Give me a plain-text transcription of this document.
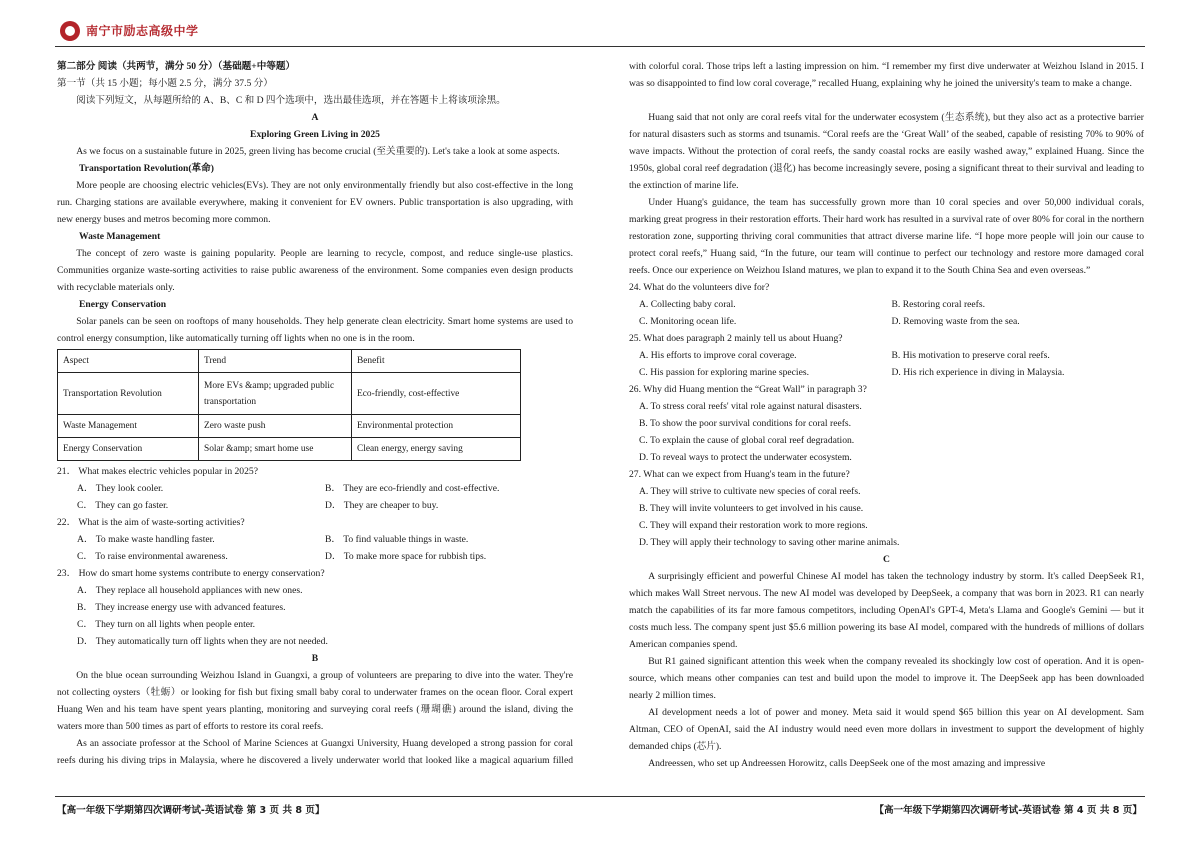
南宁市励志高级中学

第二部分 阅读（共两节，满分 50 分）（基础题+中等题）

第一节（共 15 小题；每小题 2.5 分，满分 37.5 分）

阅读下列短文，从每题所给的 A、B、C 和 D 四个选项中，选出最佳选项，并在答题卡上将该项涂黑。

A

Exploring Green Living in 2025

As we focus on a sustainable future in 2025, green living has become crucial (至关重要的). Let's take a look at some aspects.

Transportation Revolution(革命)

More people are choosing electric vehicles(EVs). They are not only environmentally friendly but also cost-effective in the long run. Charging stations are available everywhere, making it convenient for EV owners. Public transportation is also upgrading, with new energy buses and metros becoming more common.

Waste Management

The concept of zero waste is gaining popularity. People are learning to recycle, compost, and reduce single-use plastics. Communities organize waste-sorting activities to raise public awareness of the environment. Some companies even design products with recyclable materials only.

Energy Conservation

Solar panels can be seen on rooftops of many households. They help generate clean electricity. Smart home systems are used to control energy consumption, like automatically turning off lights when no one is in the room.

Aspect	Trend	Benefit
Transportation Revolution	More EVs &amp; upgraded public transportation	Eco-friendly, cost-effective
Waste Management	Zero waste push	Environmental protection
Energy Conservation	Solar &amp; smart home use	Clean energy, energy saving

21． What makes electric vehicles popular in 2025?

A． They look cooler.	B． They are eco-friendly and cost-effective.
C． They can go faster.	D． They are cheaper to buy.

22． What is the aim of waste-sorting activities?

A． To make waste handling faster.	B． To find valuable things in waste.
C． To raise environmental awareness.	D． To make more space for rubbish tips.

23． How do smart home systems contribute to energy conservation?

A． They replace all household appliances with new ones.
B． They increase energy use with advanced features.
C． They turn on all lights when people enter.
D． They automatically turn off lights when they are not needed.

B

On the blue ocean surrounding Weizhou Island in Guangxi, a group of volunteers are preparing to dive into the water. They're not collecting oysters（牡蛎）or looking for fish but fixing small baby coral to underwater frames on the ocean floor. Coral expert Huang Wen and his team have spent years planting, monitoring and surveying coral reefs (珊瑚礁) around the island, diving the waters more than 500 times as part of efforts to restore its coral reefs.

As an associate professor at the School of Marine Sciences at Guangxi University, Huang developed a strong passion for coral reefs during his diving trips in Malaysia, where he discovered a lively underwater world that looked like a magical aquarium filled

with colorful coral. Those trips left a lasting impression on him. “I remember my first dive underwater at Weizhou Island in 2015. I was so disappointed to find low coral coverage,” recalled Huang, explaining why he joined the university's team to make a change.

Huang said that not only are coral reefs vital for the underwater ecosystem (生态系统), but they also act as a protective barrier for natural disasters such as storms and tsunamis. “Coral reefs are the ‘Great Wall’ of the seabed, capable of resisting 70% to 90% of wave impacts. Without the protection of coral reefs, the sandy coastal rocks are easily washed away,” explained Huang. Since the 1950s, global coral reef degradation (退化) has become increasingly severe, posing a significant threat to their survival and leading to the extinction of marine life.

Under Huang's guidance, the team has successfully grown more than 10 coral species and over 50,000 individual corals, marking great progress in their restoration efforts. Their hard work has resulted in a survival rate of over 80% for coral in the northern restoration zone, supporting thriving coral communities that attract diverse marine life. “I hope more people will join our cause to protect coral reefs,” Huang said, “In the future, our team will continue to perfect our technology and restore more damaged coral reefs. Once our experience on Weizhou Island matures, we plan to expand it to the South China Sea and even overseas.”

24. What do the volunteers dive for?

A. Collecting baby coral.	B. Restoring coral reefs.
C. Monitoring ocean life.	D. Removing waste from the sea.

25. What does paragraph 2 mainly tell us about Huang?

A. His efforts to improve coral coverage.	B. His motivation to preserve coral reefs.
C. His passion for exploring marine species.	D. His rich experience in diving in Malaysia.

26. Why did Huang mention the “Great Wall” in paragraph 3?

A. To stress coral reefs' vital role against natural disasters.
B. To show the poor survival conditions for coral reefs.
C. To explain the cause of global coral reef degradation.
D. To reveal ways to protect the underwater ecosystem.

27. What can we expect from Huang's team in the future?

A. They will strive to cultivate new species of coral reefs.
B. They will invite volunteers to get involved in his cause.
C. They will expand their restoration work to more regions.
D. They will apply their technology to saving other marine animals.

C

A surprisingly efficient and powerful Chinese AI model has taken the technology industry by storm. It's called DeepSeek R1, which makes Wall Street nervous. The new AI model was developed by DeepSeek, a company that was born in 2023. R1 can nearly match the capabilities of its far more famous competitors, including OpenAI's GPT-4, Meta's Llama and Google's Gemini — but it costs much less. The company spent just $5.6 million powering its base AI model, compared with the hundreds of millions of dollars American companies spend.

But R1 gained significant attention this week when the company revealed its shockingly low cost of operation. And it is open-source, which means other companies can test and build upon the model to improve it. The DeepSeek app has been downloaded nearly 2 million times.

AI development needs a lot of power and money. Meta said it would spend $65 billion this year on AI development. Sam Altman, CEO of OpenAI, said the AI industry would need even more dollars in investment to support the development of highly demanded chips (芯片).

Andreessen, who set up Andreessen Horowitz, calls DeepSeek one of the most amazing and impressive

【高一年级下学期第四次调研考试-英语试卷 第 3 页 共 8 页】	【高一年级下学期第四次调研考试-英语试卷 第 4 页 共 8 页】
